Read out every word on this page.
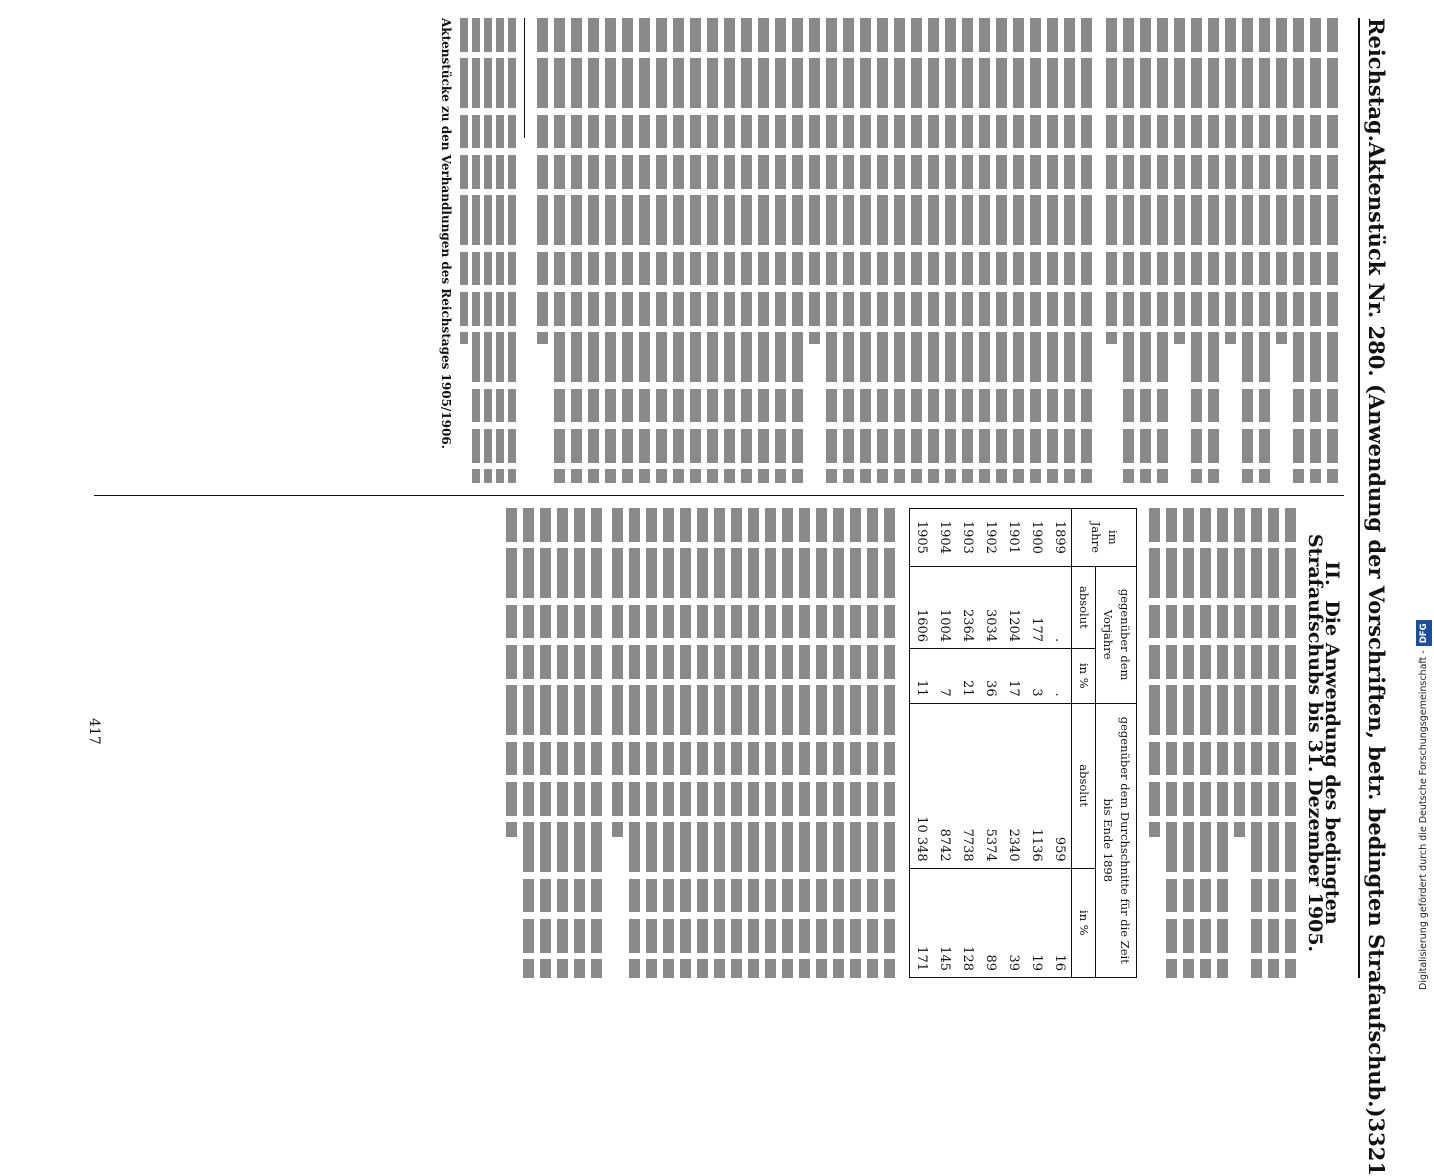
Reichstag.
Aktenstück Nr. 280. (Anwendung der Vorschriften, betr. bedingten Strafaufschub.)
3321
Aktenstücke zu den Verhandlungen des Reichstages 1905/1906.
II. Die Anwendung des bedingten Strafaufschubs bis 31. Dezember 1905.
im Jahre	gegenüber dem Vorjahre		gegenüber dem Durchschnitte für die Zeit bis Ende 1898	
	absolut	in %	absolut	in %
1899	.	.	959	16
1900	177	3	1136	19
1901	1204	17	2340	39
1902	3034	36	5374	89
1903	2364	21	7738	128
1904	1004	7	8742	145
1905	1606	11	10 348	171
417	Digitalisierung gefördert durch die Deutsche Forschungsgemeinschaft -DFG
